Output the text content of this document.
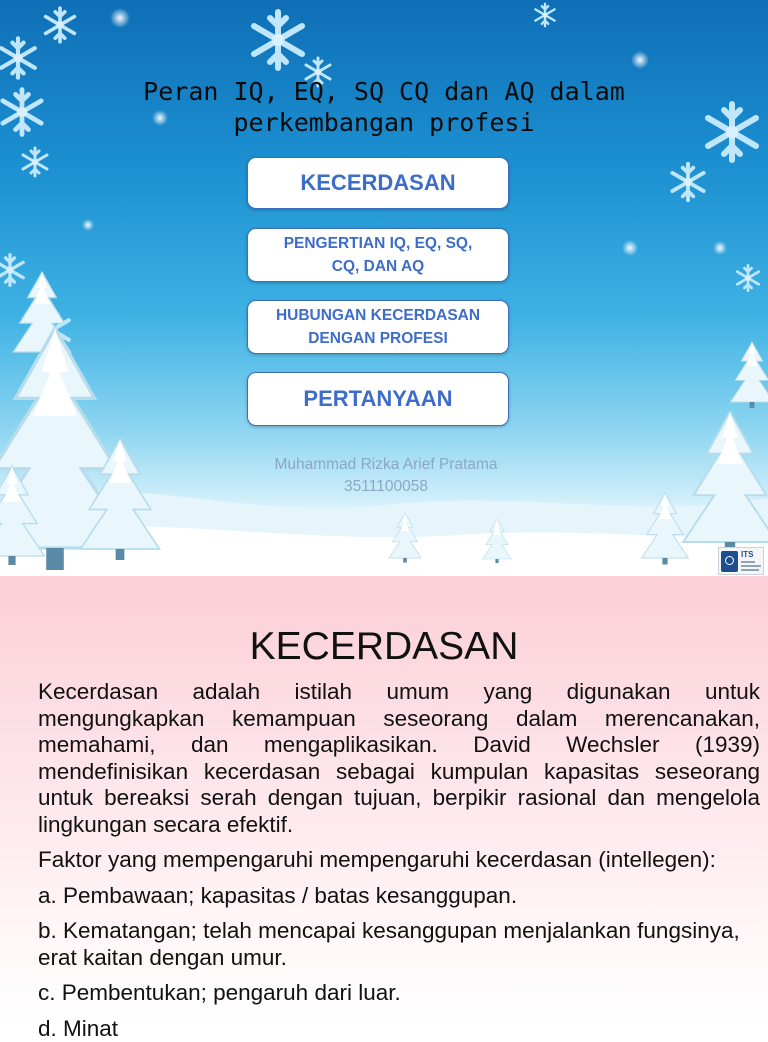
Peran IQ, EQ, SQ CQ dan AQ dalam
perkembangan profesi
KECERDASAN
PENGERTIAN IQ, EQ, SQ,
CQ, DAN AQ
HUBUNGAN KECERDASAN
DENGAN PROFESI
PERTANYAAN
Muhammad Rizka Arief Pratama
3511100058
ITS
KECERDASAN

Kecerdasan adalah istilah umum yang digunakan untuk mengungkapkan kemampuan seseorang dalam merencanakan, memahami, dan mengaplikasikan. David Wechsler (1939) mendefinisikan kecerdasan sebagai kumpulan kapasitas seseorang untuk bereaksi serah dengan tujuan, berpikir rasional dan mengelola lingkungan secara efektif.

Faktor yang mempengaruhi mempengaruhi kecerdasan (intellegen):

a. Pembawaan; kapasitas / batas kesanggupan.

b. Kematangan; telah mencapai kesanggupan menjalankan fungsinya, erat kaitan dengan umur.

c. Pembentukan; pengaruh dari luar.

d. Minat
